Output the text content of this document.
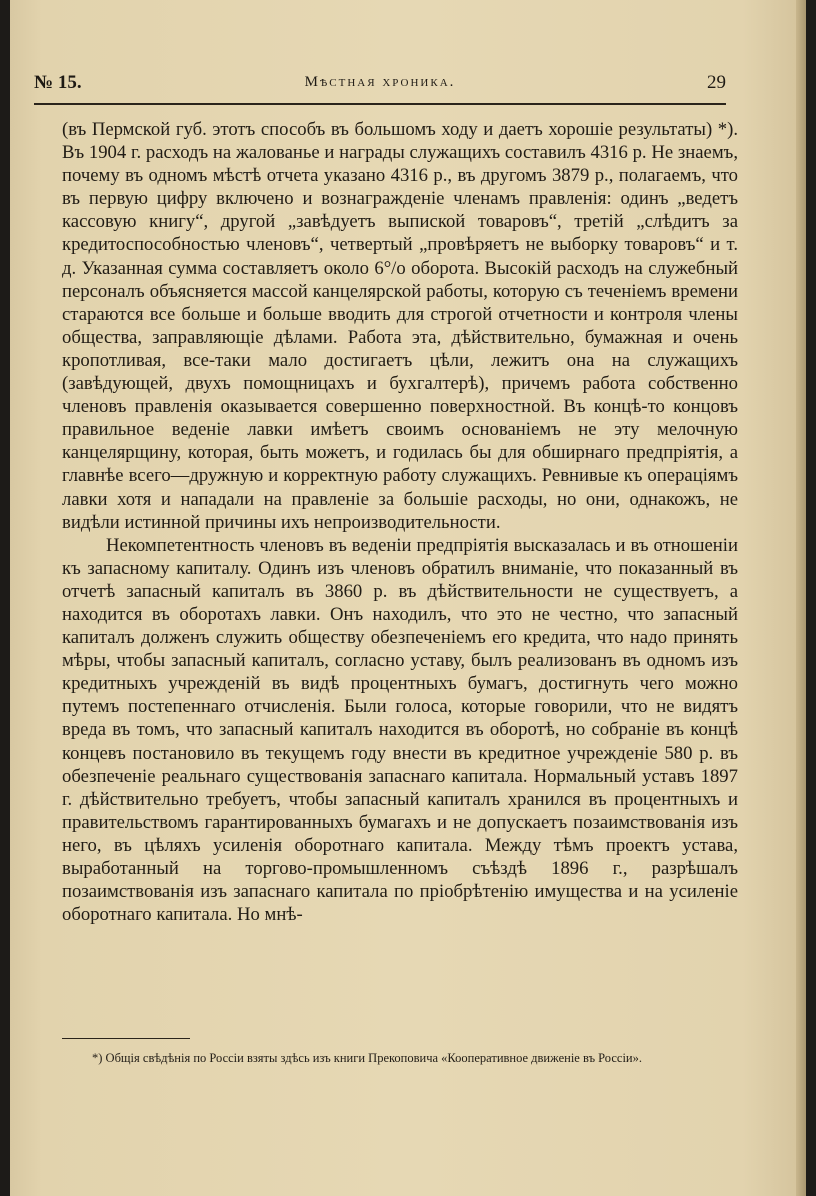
№ 15.	Мѣстная хроника.	29

(въ Пермской губ. этотъ способъ въ большомъ ходу и даетъ хорошіе результаты) *). Въ 1904 г. расходъ на жалованье и награды служащихъ составилъ 4316 р. Не знаемъ, почему въ одномъ мѣстѣ отчета указано 4316 р., въ другомъ 3879 р., полагаемъ, что въ первую цифру включено и вознагражденіе членамъ правленія: одинъ „ведетъ кассовую книгу“, другой „завѣдуетъ выпиской товаровъ“, третій „слѣдитъ за кредитоспособностью членовъ“, четвертый „провѣряетъ не выборку товаровъ“ и т. д. Указанная сумма составляетъ около 6°/о оборота. Высокій расходъ на служебный персоналъ объясняется массой канцелярской работы, которую съ теченіемъ времени стараются все больше и больше вводить для строгой отчетности и контроля члены общества, заправляющіе дѣлами. Работа эта, дѣйствительно, бумажная и очень кропотливая, все-таки мало достигаетъ цѣли, лежитъ она на служащихъ (завѣдующей, двухъ помощницахъ и бухгалтерѣ), причемъ работа собственно членовъ правленія оказывается совершенно поверхностной. Въ концѣ-то концовъ правильное веденіе лавки имѣетъ своимъ основаніемъ не эту мелочную канцелярщину, которая, быть можетъ, и годилась бы для обширнаго предпріятія, а главнѣе всего—дружную и корректную работу служащихъ. Ревнивые къ операціямъ лавки хотя и нападали на правленіе за большіе расходы, но они, однакожъ, не видѣли истинной причины ихъ непроизводительности.

Некомпетентность членовъ въ веденіи предпріятія высказалась и въ отношеніи къ запасному капиталу. Одинъ изъ членовъ обратилъ вниманіе, что показанный въ отчетѣ запасный капиталъ въ 3860 р. въ дѣйствительности не существуетъ, а находится въ оборотахъ лавки. Онъ находилъ, что это не честно, что запасный капиталъ долженъ служить обществу обезпеченіемъ его кредита, что надо принять мѣры, чтобы запасный капиталъ, согласно уставу, былъ реализованъ въ одномъ изъ кредитныхъ учрежденій въ видѣ процентныхъ бумагъ, достигнуть чего можно путемъ постепеннаго отчисленія. Были голоса, которые говорили, что не видятъ вреда въ томъ, что запасный капиталъ находится въ оборотѣ, но собраніе въ концѣ концевъ постановило въ текущемъ году внести въ кредитное учрежденіе 580 р. въ обезпеченіе реальнаго существованія запаснаго капитала. Нормальный уставъ 1897 г. дѣйствительно требуетъ, чтобы запасный капиталъ хранился въ процентныхъ и правительствомъ гарантированныхъ бумагахъ и не допускаетъ позаимствованія изъ него, въ цѣляхъ усиленія оборотнаго капитала. Между тѣмъ проектъ устава, выработанный на торгово-промышленномъ съѣздѣ 1896 г., разрѣшалъ позаимствованія изъ запаснаго капитала по пріобрѣтенію имущества и на усиленіе оборотнаго капитала. Но мнѣ-

*) Общія свѣдѣнія по Россіи взяты здѣсь изъ книги Прекоповича «Кооперативное движеніе въ Россіи».
